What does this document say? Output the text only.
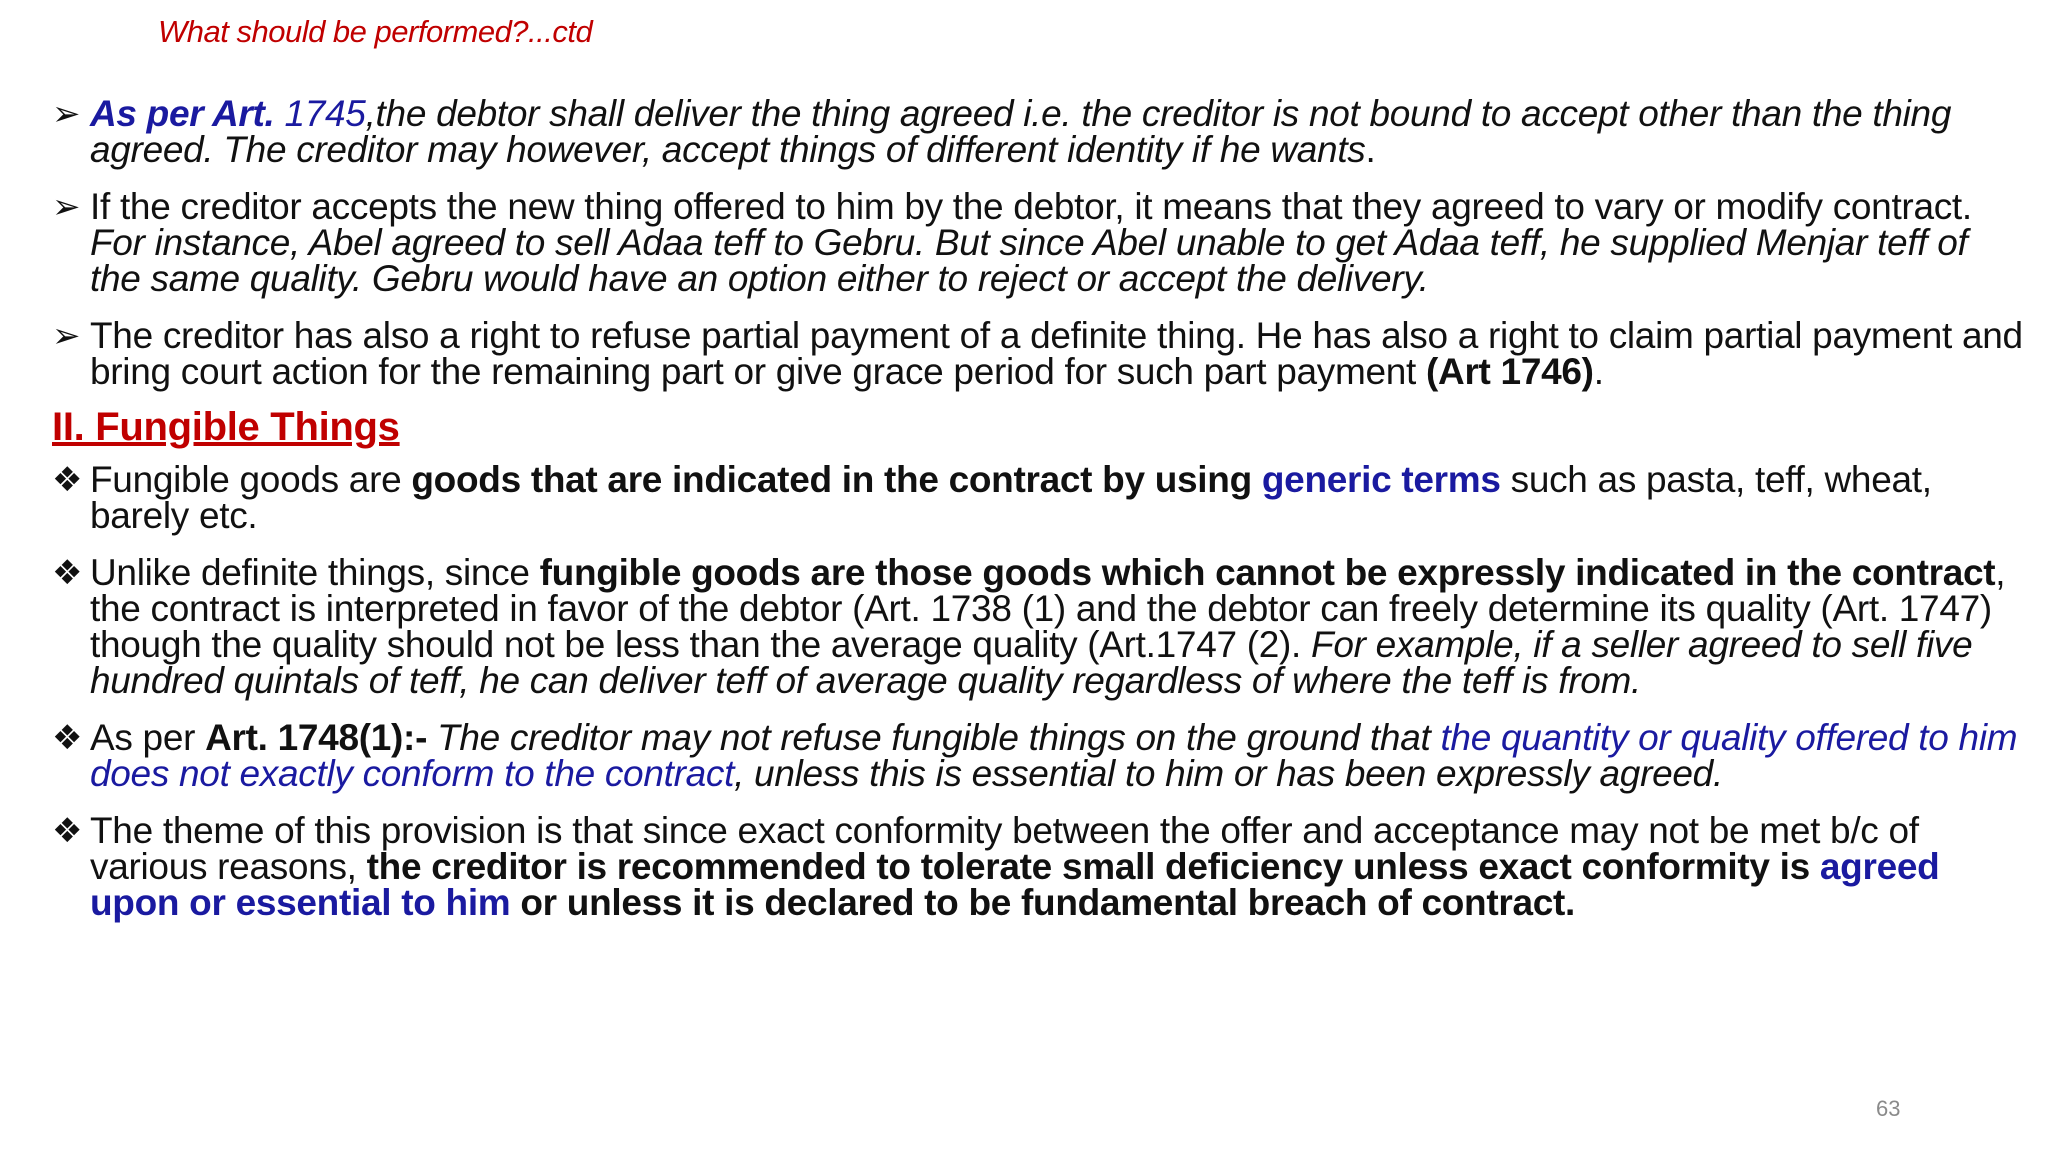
What should be performed?...ctd
➢ As per Art. 1745,the debtor shall deliver the thing agreed i.e. the creditor is not bound to accept other than the thing agreed. The creditor may however, accept things of different identity if he wants.
➢ If the creditor accepts the new thing offered to him by the debtor, it means that they agreed to vary or modify contract. For instance, Abel agreed to sell Adaa teff to Gebru. But since Abel unable to get Adaa teff, he supplied Menjar teff of the same quality. Gebru would have an option either to reject or accept the delivery.
➢ The creditor has also a right to refuse partial payment of a definite thing. He has also a right to claim partial payment and bring court action for the remaining part or give grace period for such part payment (Art 1746).
II. Fungible Things
❖ Fungible goods are goods that are indicated in the contract by using generic terms such as pasta, teff, wheat, barely etc.
❖ Unlike definite things, since fungible goods are those goods which cannot be expressly indicated in the contract, the contract is interpreted in favor of the debtor (Art. 1738 (1) and the debtor can freely determine its quality (Art. 1747) though the quality should not be less than the average quality (Art.1747 (2). For example, if a seller agreed to sell five hundred quintals of teff, he can deliver teff of average quality regardless of where the teff is from.
❖ As per Art. 1748(1):- The creditor may not refuse fungible things on the ground that the quantity or quality offered to him does not exactly conform to the contract, unless this is essential to him or has been expressly agreed.
❖ The theme of this provision is that since exact conformity between the offer and acceptance may not be met b/c of various reasons, the creditor is recommended to tolerate small deficiency unless exact conformity is agreed upon or essential to him or unless it is declared to be fundamental breach of contract.
63
